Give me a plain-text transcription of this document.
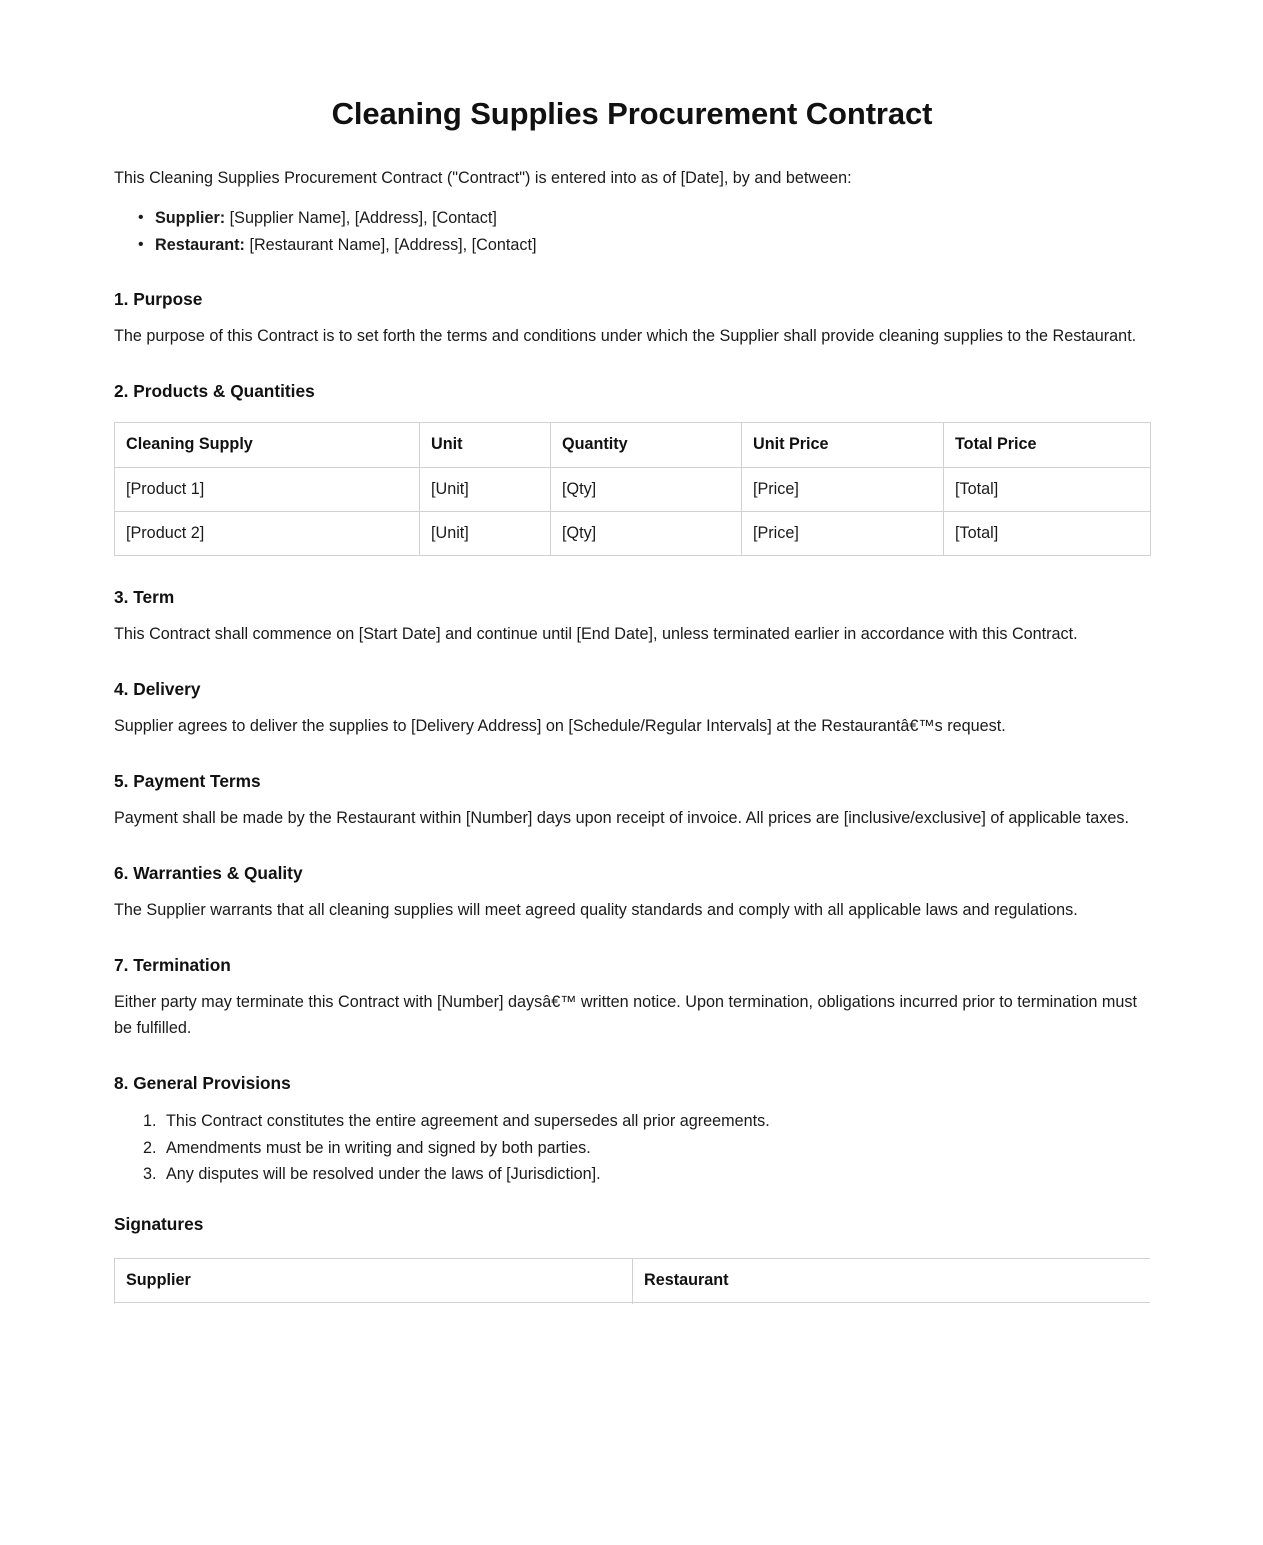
Cleaning Supplies Procurement Contract

This Cleaning Supplies Procurement Contract ("Contract") is entered into as of [Date], by and between:

• Supplier: [Supplier Name], [Address], [Contact]
• Restaurant: [Restaurant Name], [Address], [Contact]
1. Purpose

The purpose of this Contract is to set forth the terms and conditions under which the Supplier shall provide cleaning supplies to the Restaurant.

2. Products & Quantities
Cleaning Supply	Unit	Quantity	Unit Price	Total Price
[Product 1]	[Unit]	[Qty]	[Price]	[Total]
[Product 2]	[Unit]	[Qty]	[Price]	[Total]
3. Term

This Contract shall commence on [Start Date] and continue until [End Date], unless terminated earlier in accordance with this Contract.

4. Delivery

Supplier agrees to deliver the supplies to [Delivery Address] on [Schedule/Regular Intervals] at the Restaurantâ€™s request.

5. Payment Terms

Payment shall be made by the Restaurant within [Number] days upon receipt of invoice. All prices are [inclusive/exclusive] of applicable taxes.

6. Warranties & Quality

The Supplier warrants that all cleaning supplies will meet agreed quality standards and comply with all applicable laws and regulations.

7. Termination

Either party may terminate this Contract with [Number] daysâ€™ written notice. Upon termination, obligations incurred prior to termination must be fulfilled.

8. General Provisions
This Contract constitutes the entire agreement and supersedes all prior agreements.
Amendments must be in writing and signed by both parties.
Any disputes will be resolved under the laws of [Jurisdiction].
Signatures
Supplier	Restaurant
